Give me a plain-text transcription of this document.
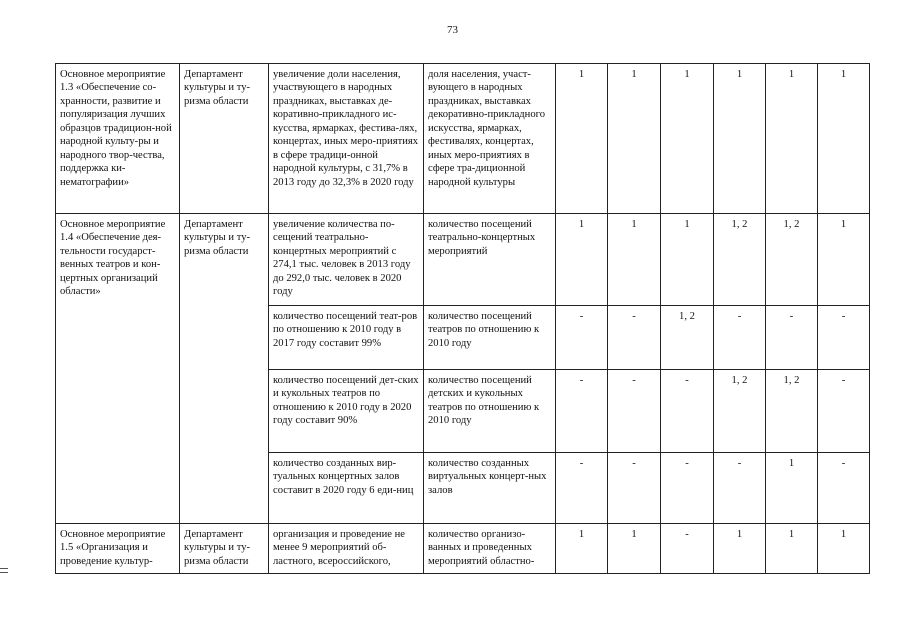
73
Основное мероприятие 1.3 «Обеспечение со-хранности, развитие и популяризация лучших образцов традицион-ной народной культу-ры и народного твор-чества, поддержка ки-нематографии»	Департамент культуры и ту-ризма области	увеличение доли населения, участвующего в народных праздниках, выставках де-коративно-прикладного ис-кусства, ярмарках, фестива-лях, концертах, иных меро-приятиях в сфере традици-онной народной культуры, с 31,7% в 2013 году до 32,3% в 2020 году	доля населения, участ-вующего в народных праздниках, выставках декоративно-прикладного искусства, ярмарках, фестивалях, концертах, иных меро-приятиях в сфере тра-диционной народной культуры	1	1	1	1	1	1
Основное мероприятие 1.4 «Обеспечение дея-тельности государст-венных театров и кон-цертных организаций области»	Департамент культуры и ту-ризма области	увеличение количества по-сещений театрально-концертных мероприятий с 274,1 тыс. человек в 2013 году до 292,0 тыс. человек в 2020 году	количество посещений театрально-концертных мероприятий	1	1	1	1, 2	1, 2	1
		количество посещений теат-ров по отношению к 2010 году в 2017 году составит 99%	количество посещений театров по отношению к 2010 году	-	-	1, 2	-	-	-
		количество посещений дет-ских и кукольных театров по отношению к 2010 году в 2020 году составит 90%	количество посещений детских и кукольных театров по отношению к 2010 году	-	-	-	1, 2	1, 2	-
		количество созданных вир-туальных концертных залов составит в 2020 году 6 еди-ниц	количество созданных виртуальных концерт-ных залов	-	-	-	-	1	-
Основное мероприятие 1.5 «Организация и проведение культур-	Департамент культуры и ту-ризма области	организация и проведение не менее 9 мероприятий об-ластного, всероссийского,	количество организо-ванных и проведенных мероприятий областно-	1	1	-	1	1	1
